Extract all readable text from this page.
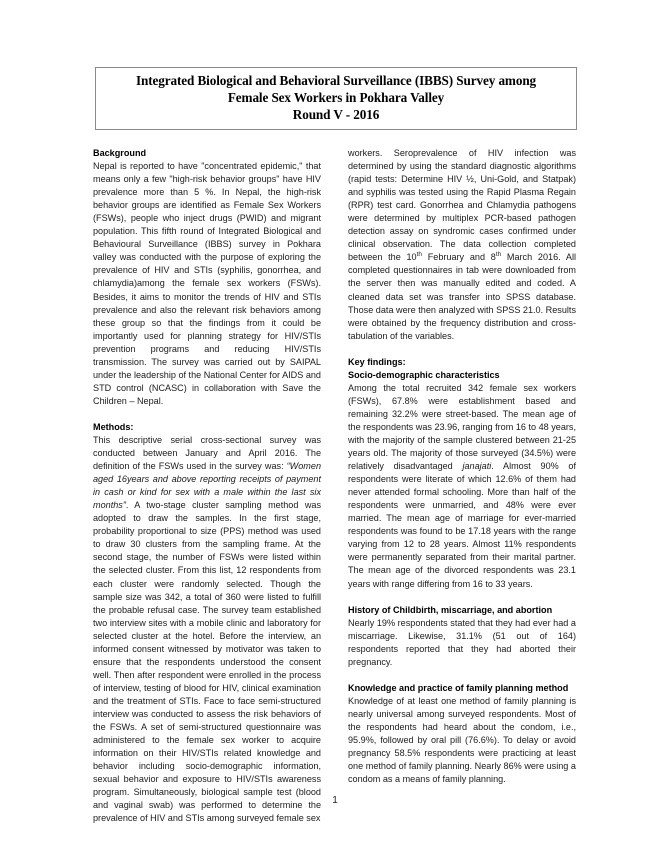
Integrated Biological and Behavioral Surveillance (IBBS) Survey among
Female Sex Workers in Pokhara Valley
Round V - 2016
Background

Nepal is reported to have "concentrated epidemic," that means only a few "high-risk behavior groups" have HIV prevalence more than 5 %. In Nepal, the high-risk behavior groups are identified as Female Sex Workers (FSWs), people who inject drugs (PWID) and migrant population. This fifth round of Integrated Biological and Behavioural Surveillance (IBBS) survey in Pokhara valley was conducted with the purpose of exploring the prevalence of HIV and STIs (syphilis, gonorrhea, and chlamydia)among the female sex workers (FSWs). Besides, it aims to monitor the trends of HIV and STIs prevalence and also the relevant risk behaviors among these group so that the findings from it could be importantly used for planning strategy for HIV/STIs prevention programs and reducing HIV/STIs transmission. The survey was carried out by SAIPAL under the leadership of the National Center for AIDS and STD control (NCASC) in collaboration with Save the Children – Nepal.

Methods:

This descriptive serial cross-sectional survey was conducted between January and April 2016. The definition of the FSWs used in the survey was: “Women aged 16years and above reporting receipts of payment in cash or kind for sex with a male within the last six months”. A two-stage cluster sampling method was adopted to draw the samples. In the first stage, probability proportional to size (PPS) method was used to draw 30 clusters from the sampling frame. At the second stage, the number of FSWs were listed within the selected cluster. From this list, 12 respondents from each cluster were randomly selected. Though the sample size was 342, a total of 360 were listed to fulfill the probable refusal case. The survey team established two interview sites with a mobile clinic and laboratory for selected cluster at the hotel. Before the interview, an informed consent witnessed by motivator was taken to ensure that the respondents understood the consent well. Then after respondent were enrolled in the process of interview, testing of blood for HIV, clinical examination and the treatment of STIs. Face to face semi-structured interview was conducted to assess the risk behaviors of the FSWs. A set of semi-structured questionnaire was administered to the female sex worker to acquire information on their HIV/STIs related knowledge and behavior including socio-demographic information, sexual behavior and exposure to HIV/STIs awareness program. Simultaneously, biological sample test (blood and vaginal swab) was performed to determine the prevalence of HIV and STIs among surveyed female sex

workers. Seroprevalence of HIV infection was determined by using the standard diagnostic algorithms (rapid tests: Determine HIV ½, Uni-Gold, and Statpak) and syphilis was tested using the Rapid Plasma Regain (RPR) test card. Gonorrhea and Chlamydia pathogens were determined by multiplex PCR-based pathogen detection assay on syndromic cases confirmed under clinical observation. The data collection completed between the 10th February and 8th March 2016. All completed questionnaires in tab were downloaded from the server then was manually edited and coded. A cleaned data set was transfer into SPSS database. Those data were then analyzed with SPSS 21.0. Results were obtained by the frequency distribution and cross-tabulation of the variables.

Key findings:
Socio-demographic characteristics

Among the total recruited 342 female sex workers (FSWs), 67.8% were establishment based and remaining 32.2% were street-based. The mean age of the respondents was 23.96, ranging from 16 to 48 years, with the majority of the sample clustered between 21-25 years old. The majority of those surveyed (34.5%) were relatively disadvantaged janajati. Almost 90% of respondents were literate of which 12.6% of them had never attended formal schooling. More than half of the respondents were unmarried, and 48% were ever married. The mean age of marriage for ever-married respondents was found to be 17.18 years with the range varying from 12 to 28 years. Almost 11% respondents were permanently separated from their marital partner. The mean age of the divorced respondents was 23.1 years with range differing from 16 to 33 years.

History of Childbirth, miscarriage, and abortion

Nearly 19% respondents stated that they had ever had a miscarriage. Likewise, 31.1% (51 out of 164) respondents reported that they had aborted their pregnancy.

Knowledge and practice of family planning method

Knowledge of at least one method of family planning is nearly universal among surveyed respondents. Most of the respondents had heard about the condom, i.e., 95.9%, followed by oral pill (76.6%). To delay or avoid pregnancy 58.5% respondents were practicing at least one method of family planning. Nearly 86% were using a condom as a means of family planning.

1
